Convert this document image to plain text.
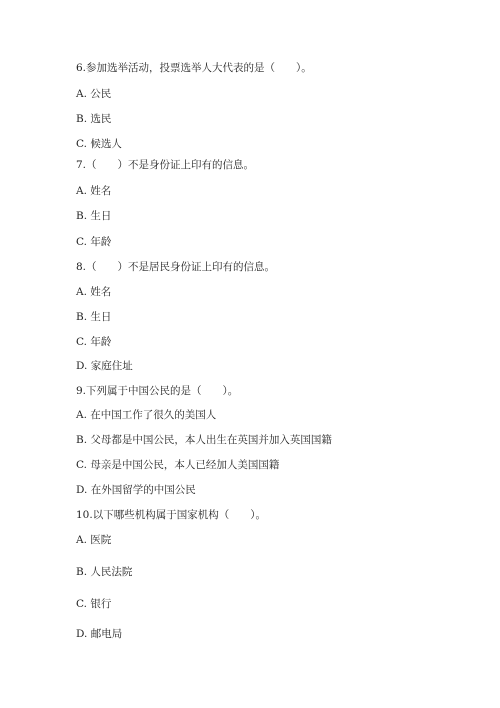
6.参加选举活动，投票选举人大代表的是（　　）。
A. 公民
B. 选民
C. 候选人
7.（　　）不是身份证上印有的信息。
A. 姓名
B. 生日
C. 年龄
8.（　　）不是居民身份证上印有的信息。
A. 姓名
B. 生日
C. 年龄
D. 家庭住址
9.下列属于中国公民的是（　　）。
A. 在中国工作了很久的美国人
B. 父母都是中国公民，本人出生在英国并加入英国国籍
C. 母亲是中国公民，本人已经加人美国国籍
D. 在外国留学的中国公民
10.以下哪些机构属于国家机构（　　）。
A. 医院
B. 人民法院
C. 银行
D. 邮电局
